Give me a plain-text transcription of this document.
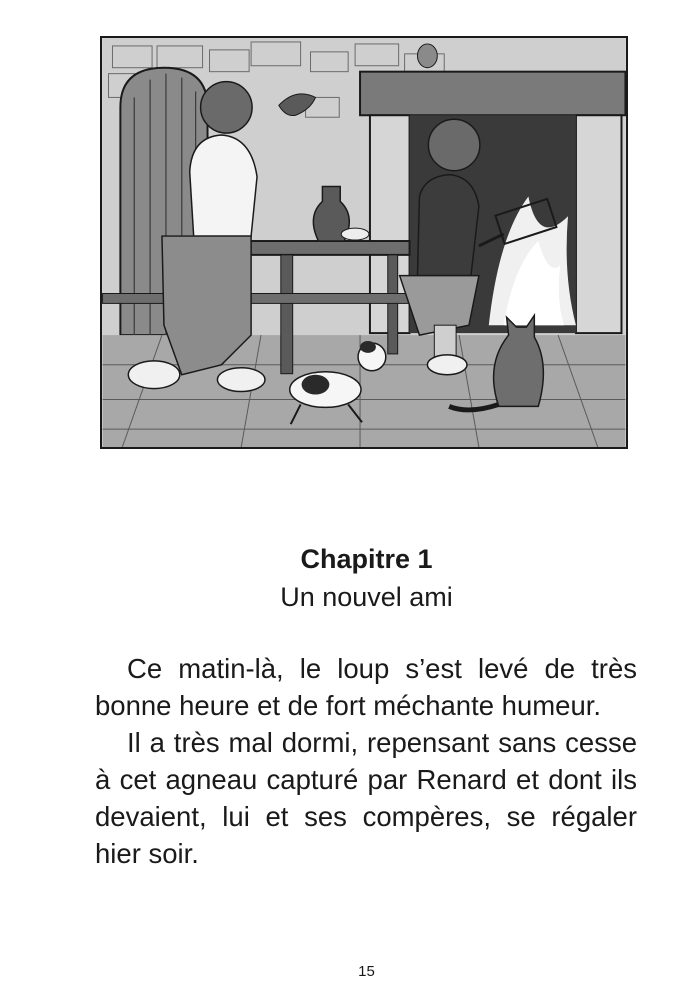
Chapitre 1
Un nouvel ami

Ce matin-là, le loup s’est levé de très bonne heure et de fort méchante humeur.

Il a très mal dormi, repensant sans cesse à cet agneau capturé par Renard et dont ils devaient, lui et ses compères, se régaler hier soir.

15
